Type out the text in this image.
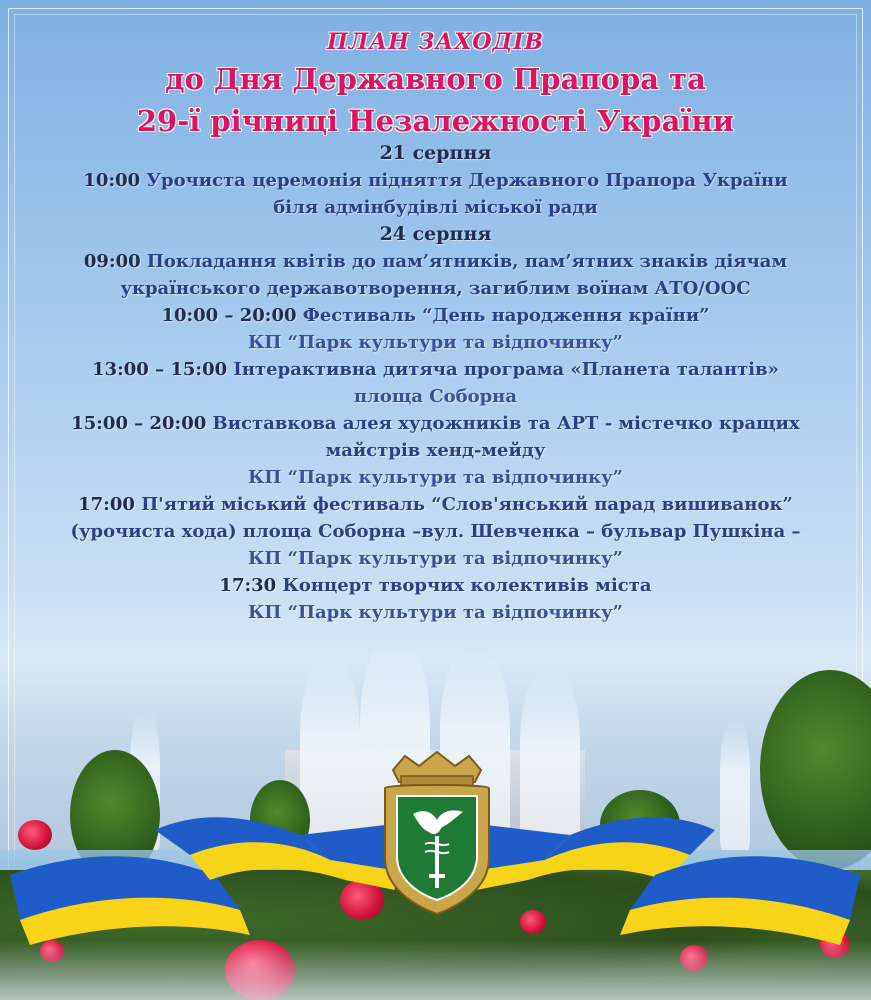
ПЛАН ЗАХОДІВ
до Дня Державного Прапора та
29-ї річниці Незалежності України
21 серпня
10:00 Урочиста церемонія підняття Державного Прапора України
біля адмінбудівлі міської ради
24 серпня
09:00 Покладання квітів до пам’ятників, пам’ятних знаків діячам
українського державотворення, загиблим воїнам АТО/ООС
10:00 – 20:00 Фестиваль “День народження країни”
КП “Парк культури та відпочинку”
13:00 – 15:00 Інтерактивна дитяча програма «Планета талантів»
площа Соборна
15:00 – 20:00 Виставкова алея художників та АРТ - містечко кращих
майстрів хенд-мейду
КП “Парк культури та відпочинку”
17:00 П'ятий міський фестиваль “Слов'янський парад вишиванок”
(урочиста хода) площа Соборна –вул. Шевченка – бульвар Пушкіна –
КП “Парк культури та відпочинку”
17:30 Концерт творчих колективів міста
КП “Парк культури та відпочинку”
